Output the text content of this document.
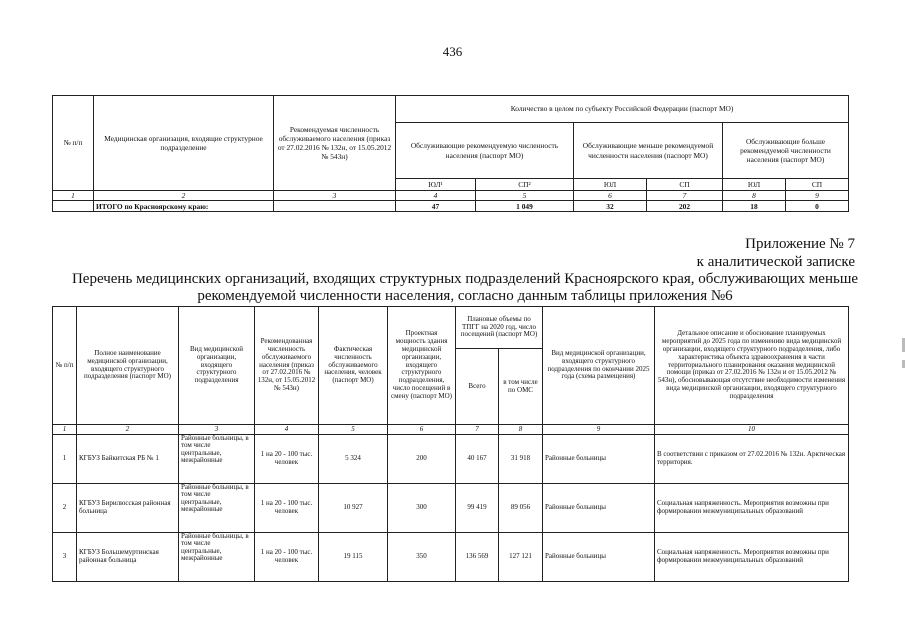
436
№ п/п	Медицинская организация, входящие структурное подразделение	Рекомендуемая численность обслуживаемого населения (приказ от 27.02.2016 № 132н, от 15.05.2012 № 543н)	Количество в целом по субъекту Российской Федерации (паспорт МО)					
			Обслуживающие рекомендуемую численность населения (паспорт МО)		Обслуживающие меньше рекомендуемой численности населения (паспорт МО)		Обслуживающие больше рекомендуемой численности населения (паспорт МО)	
			ЮЛ¹	СП²	ЮЛ	СП	ЮЛ	СП
1	2	3	4	5	6	7	8	9
	ИТОГО по Красноярскому краю:		47	1 049	32	202	18	0
Приложение № 7
к аналитической записке
Перечень медицинских организаций, входящих структурных подразделений Красноярского края, обслуживающих меньше рекомендуемой численности населения, согласно данным таблицы приложения №6
№ п/п	Полное наименование медицинской организации, входящего структурного подразделения (паспорт МО)	Вид медицинской организации, входящего структурного подразделения	Рекомендованная численность обслуживаемого населения (приказ от 27.02.2016 № 132н, от 15.05.2012 № 543н)	Фактическая численность обслуживаемого населения, человек (паспорт МО)	Проектная мощность здания медицинской организации, входящего структурного подразделения, число посещений в смену (паспорт МО)	Плановые объемы по ТПГГ на 2020 год, число посещений (паспорт МО)		Вид медицинской организации, входящего структурного подразделения по окончании 2025 года (схема размещения)	Детальное описание и обоснование планируемых мероприятий до 2025 года по изменению вида медицинской организации, входящего структурного подразделения, либо характеристика объекта здравоохранения в части территориального планирования оказания медицинской помощи (приказ от 27.02.2016 № 132н и от 15.05.2012 № 543н), обосновывающая отсутствие необходимости изменения вида медицинской организации, входящего структурного подразделения
						Всего	в том числе по ОМС		
1	2	3	4	5	6	7	8	9	10
1	КГБУЗ Байкитская РБ № 1	Районные больницы, в том числе центральные, межрайонные	1 на 20 - 100 тыс. человек	5 324	200	40 167	31 918	Районные больницы	В соответствии с приказом от 27.02.2016 № 132н. Арктическая территория.
2	КГБУЗ Бирилюсская районная больница	Районные больницы, в том числе центральные, межрайонные	1 на 20 - 100 тыс. человек	10 927	300	99 419	89 056	Районные больницы	Социальная напряженность. Мероприятия возможны при формировании межмуниципальных образований
3	КГБУЗ Большемуртинская районная больница	Районные больницы, в том числе центральные, межрайонные	1 на 20 - 100 тыс. человек	19 115	350	136 569	127 121	Районные больницы	Социальная напряженность. Мероприятия возможны при формировании межмуниципальных образований
